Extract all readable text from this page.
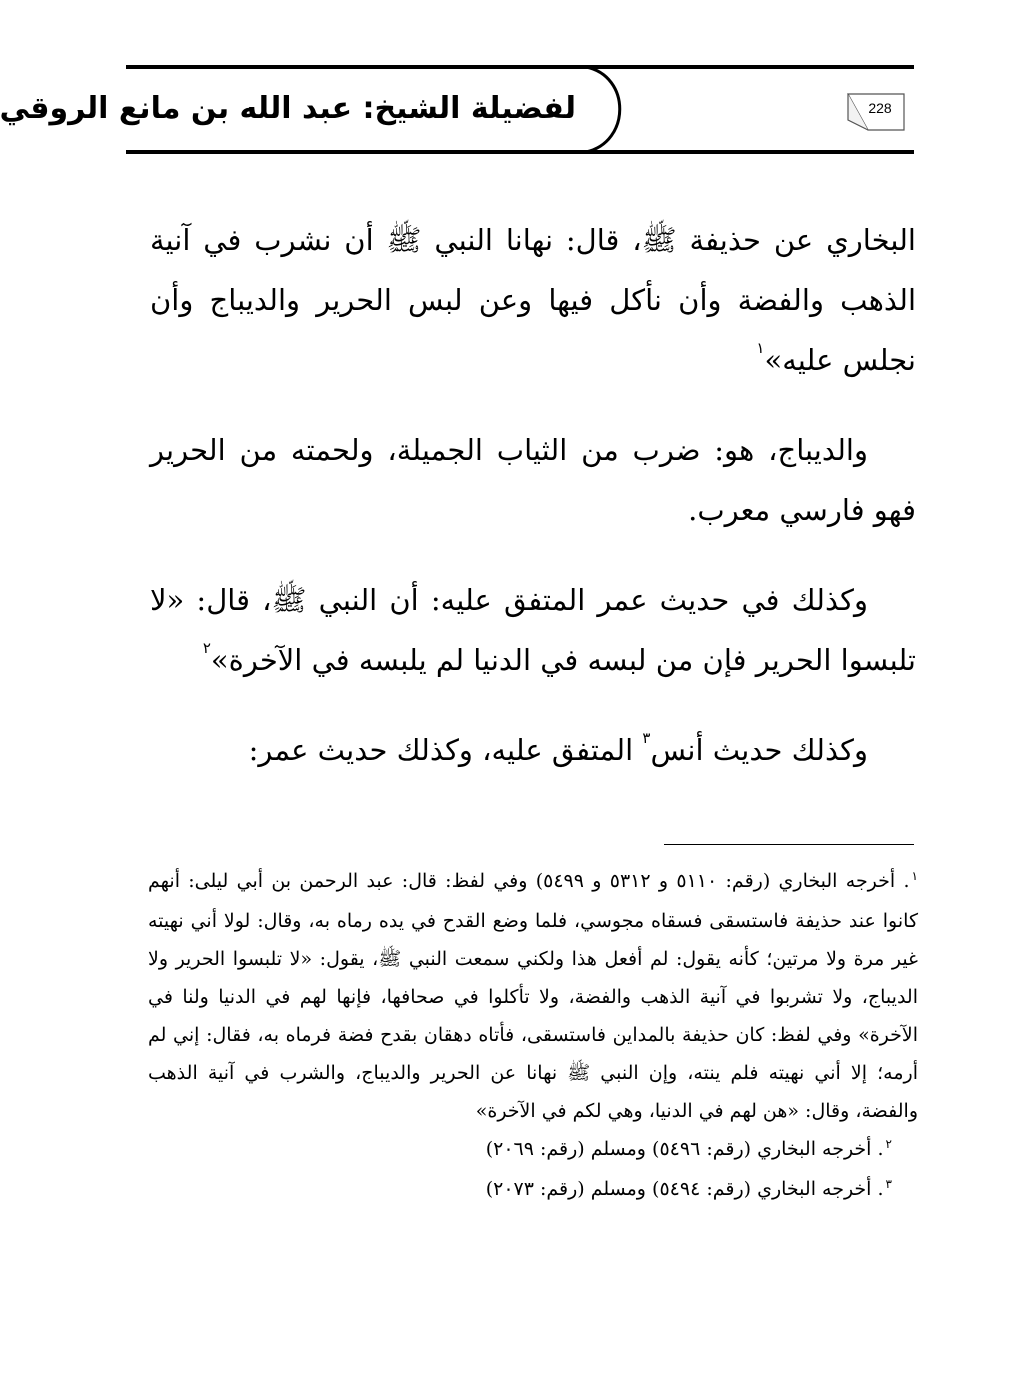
لفضيلة الشيخ: عبد الله بن مانع الروقي	228

البخاري عن حذيفة ﷺ، قال: نهانا النبي ﷺ أن نشرب في آنية الذهب والفضة وأن نأكل فيها وعن لبس الحرير والديباج وأن نجلس عليه»$^١$

والديباج، هو: ضرب من الثياب الجميلة، ولحمته من الحرير فهو فارسي معرب.

وكذلك في حديث عمر المتفق عليه: أن النبي ﷺ، قال: «لا تلبسوا الحرير فإن من لبسه في الدنيا لم يلبسه في الآخرة»$^٢$

وكذلك حديث أنس$^٣$ المتفق عليه، وكذلك حديث عمر:

$^١$. أخرجه البخاري (رقم: ٥١١٠ و ٥٣١٢ و ٥٤٩٩) وفي لفظ: قال: عبد الرحمن بن أبي ليلى: أنهم كانوا عند حذيفة فاستسقى فسقاه مجوسي، فلما وضع القدح في يده رماه به، وقال: لولا أني نهيته غير مرة ولا مرتين؛ كأنه يقول: لم أفعل هذا ولكني سمعت النبي ﷺ، يقول: «لا تلبسوا الحرير ولا الديباج، ولا تشربوا في آنية الذهب والفضة، ولا تأكلوا في صحافها، فإنها لهم في الدنيا ولنا في الآخرة» وفي لفظ: كان حذيفة بالمداين فاستسقى، فأتاه دهقان بقدح فضة فرماه به، فقال: إني لم أرمه؛ إلا أني نهيته فلم ينته، وإن النبي ﷺ نهانا عن الحرير والديباج، والشرب في آنية الذهب والفضة، وقال: «هن لهم في الدنيا، وهي لكم في الآخرة»

$^٢$. أخرجه البخاري (رقم: ٥٤٩٦) ومسلم (رقم: ٢٠٦٩)

$^٣$. أخرجه البخاري (رقم: ٥٤٩٤) ومسلم (رقم: ٢٠٧٣)
